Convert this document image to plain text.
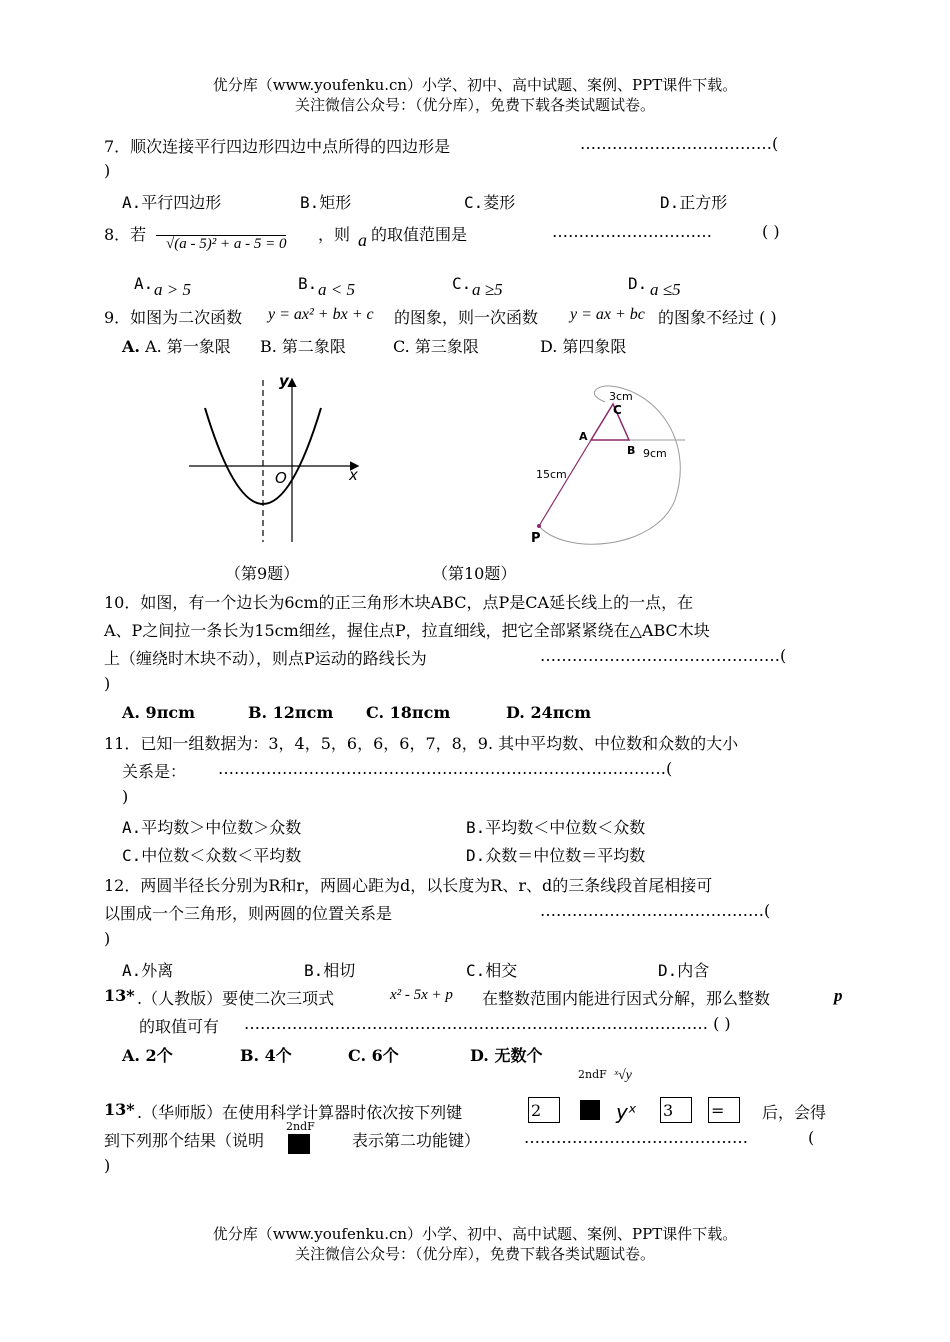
优分库（www.youfenku.cn）小学、初中、高中试题、案例、PPT课件下载。
关注微信公众号：（优分库），免费下载各类试题试卷。
7．顺次连接平行四边形四边中点所得的四边形是	………………………………(
)
A.平行四边形	B.矩形	C.菱形	D.正方形
8．若	√(a - 5)² + a - 5 = 0 ，则 a 的取值范围是	…………………………	( )
A. a > 5	B. a < 5	C. a ≥5	D. a ≤5
9．如图为二次函数 y = ax² + bx + c 的图象，则一次函数 y = ax + bc 的图象不经过 ( )
A. A. 第一象限 B. 第二象限	C. 第三象限	D. 第四象限
y
x
O
（第9题）
3cm
C
A
B 9cm
15cm
P
（第10题）
10．如图，有一个边长为6cm的正三角形木块ABC，点P是CA延长线上的一点，在
A、P之间拉一条长为15cm细丝，握住点P，拉直细线，把它全部紧紧绕在△ABC木块
上（缠绕时木块不动），则点P运动的路线长为	………………………………………(
)
A. 9πcm	B. 12πcm C. 18πcm	D. 24πcm
11．已知一组数据为：3，4，5，6，6，6，7，8，9. 其中平均数、中位数和众数的大小
关系是： …………………………………………………………………………(
)
A.平均数＞中位数＞众数	B.平均数＜中位数＜众数
C.中位数＜众数＜平均数	D.众数＝中位数＝平均数
12．两圆半径长分别为R和r，两圆心距为d，以长度为R、r、d的三条线段首尾相接可
以围成一个三角形，则两圆的位置关系是	……………………………………(
)
A.外离	B.相切	C.相交	D.内含
13* .（人教版）要使二次三项式	x² - 5x + p 在整数范围内能进行因式分解，那么整数	p
的取值可有 …………………………………………………………………………… ( )
A. 2个	B. 4个	C. 6个	D. 无数个
2ndF ˣ√y
13* .（华师版）在使用科学计算器时依次按下列键	2	yˣ 3	=	后，会得
到下列那个结果（说明
2ndF
表示第二功能键）	……………………………………	(
)
优分库（www.youfenku.cn）小学、初中、高中试题、案例、PPT课件下载。
关注微信公众号：（优分库），免费下载各类试题试卷。
